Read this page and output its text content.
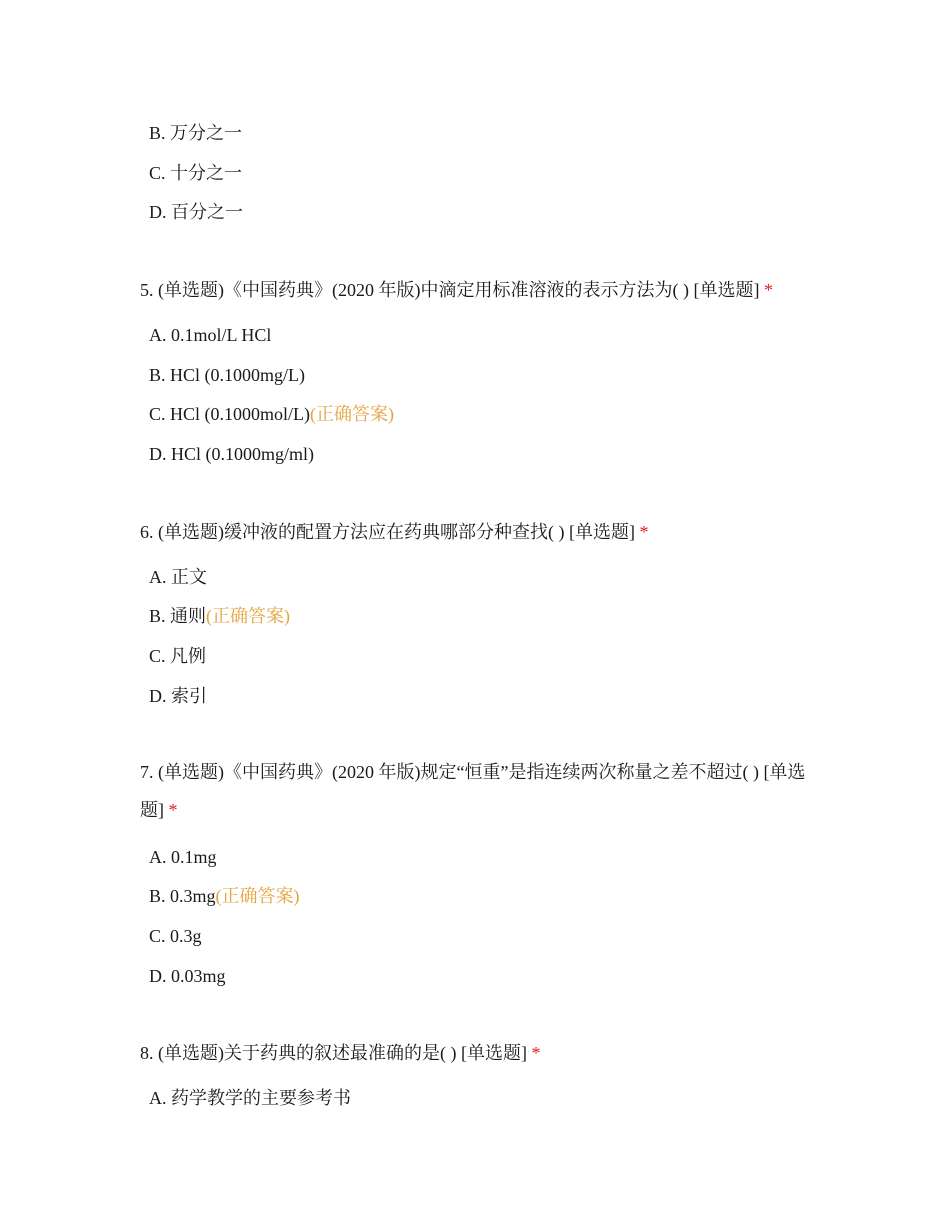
B. 万分之一
C. 十分之一
D. 百分之一
5. (单选题)《中国药典》(2020 年版)中滴定用标准溶液的表示方法为( ) [单选题] *
A. 0.1mol/L HCl
B. HCl (0.1000mg/L)
C. HCl (0.1000mol/L)(正确答案)
D. HCl (0.1000mg/ml)
6. (单选题)缓冲液的配置方法应在药典哪部分种查找( ) [单选题] *
A. 正文
B. 通则(正确答案)
C. 凡例
D. 索引
7. (单选题)《中国药典》(2020 年版)规定“恒重”是指连续两次称量之差不超过( ) [单选题] *
A. 0.1mg
B. 0.3mg(正确答案)
C. 0.3g
D. 0.03mg
8. (单选题)关于药典的叙述最准确的是( ) [单选题] *
A. 药学教学的主要参考书
